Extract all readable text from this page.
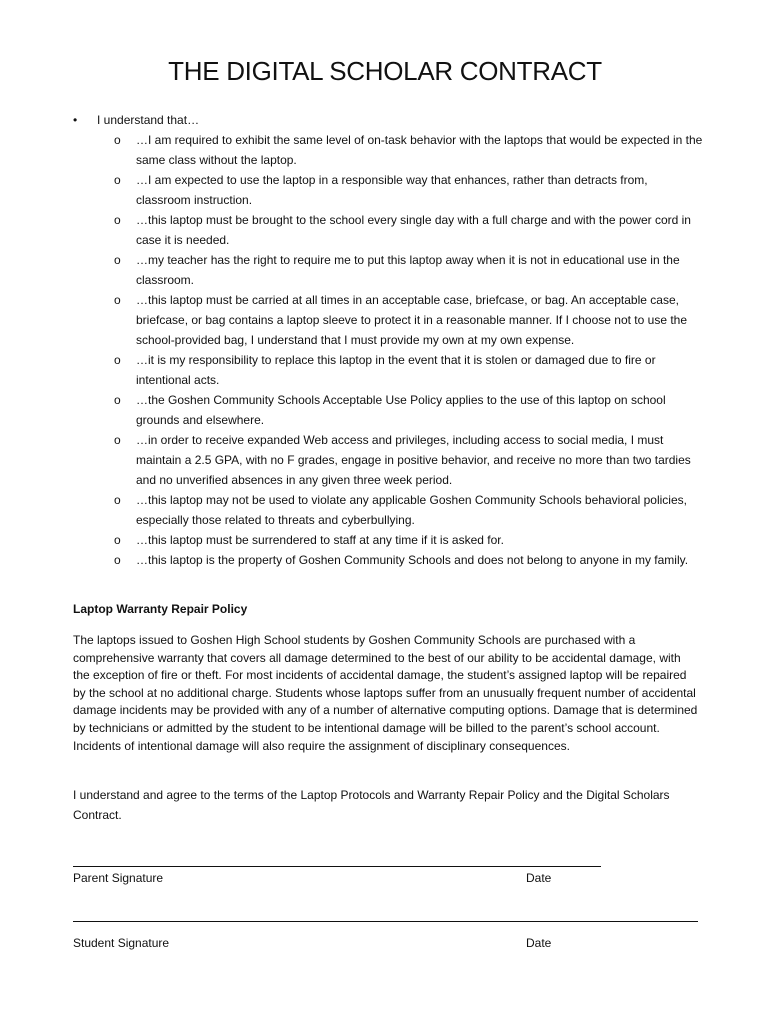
THE DIGITAL SCHOLAR CONTRACT
• I understand that…
o …I am required to exhibit the same level of on-task behavior with the laptops that would be expected in the same class without the laptop.
o …I am expected to use the laptop in a responsible way that enhances, rather than detracts from, classroom instruction.
o …this laptop must be brought to the school every single day with a full charge and with the power cord in case it is needed.
o …my teacher has the right to require me to put this laptop away when it is not in educational use in the classroom.
o …this laptop must be carried at all times in an acceptable case, briefcase, or bag. An acceptable case, briefcase, or bag contains a laptop sleeve to protect it in a reasonable manner. If I choose not to use the school-provided bag, I understand that I must provide my own at my own expense.
o …it is my responsibility to replace this laptop in the event that it is stolen or damaged due to fire or intentional acts.
o …the Goshen Community Schools Acceptable Use Policy applies to the use of this laptop on school grounds and elsewhere.
o …in order to receive expanded Web access and privileges, including access to social media, I must maintain a 2.5 GPA, with no F grades, engage in positive behavior, and receive no more than two tardies and no unverified absences in any given three week period.
o …this laptop may not be used to violate any applicable Goshen Community Schools behavioral policies, especially those related to threats and cyberbullying.
o …this laptop must be surrendered to staff at any time if it is asked for.
o …this laptop is the property of Goshen Community Schools and does not belong to anyone in my family.
Laptop Warranty Repair Policy

The laptops issued to Goshen High School students by Goshen Community Schools are purchased with a comprehensive warranty that covers all damage determined to the best of our ability to be accidental damage, with the exception of fire or theft. For most incidents of accidental damage, the student’s assigned laptop will be repaired by the school at no additional charge. Students whose laptops suffer from an unusually frequent number of accidental damage incidents may be provided with any of a number of alternative computing options. Damage that is determined by technicians or admitted by the student to be intentional damage will be billed to the parent’s school account. Incidents of intentional damage will also require the assignment of disciplinary consequences.

I understand and agree to the terms of the Laptop Protocols and Warranty Repair Policy and the Digital Scholars Contract.

Parent Signature	Date
Student Signature	Date
